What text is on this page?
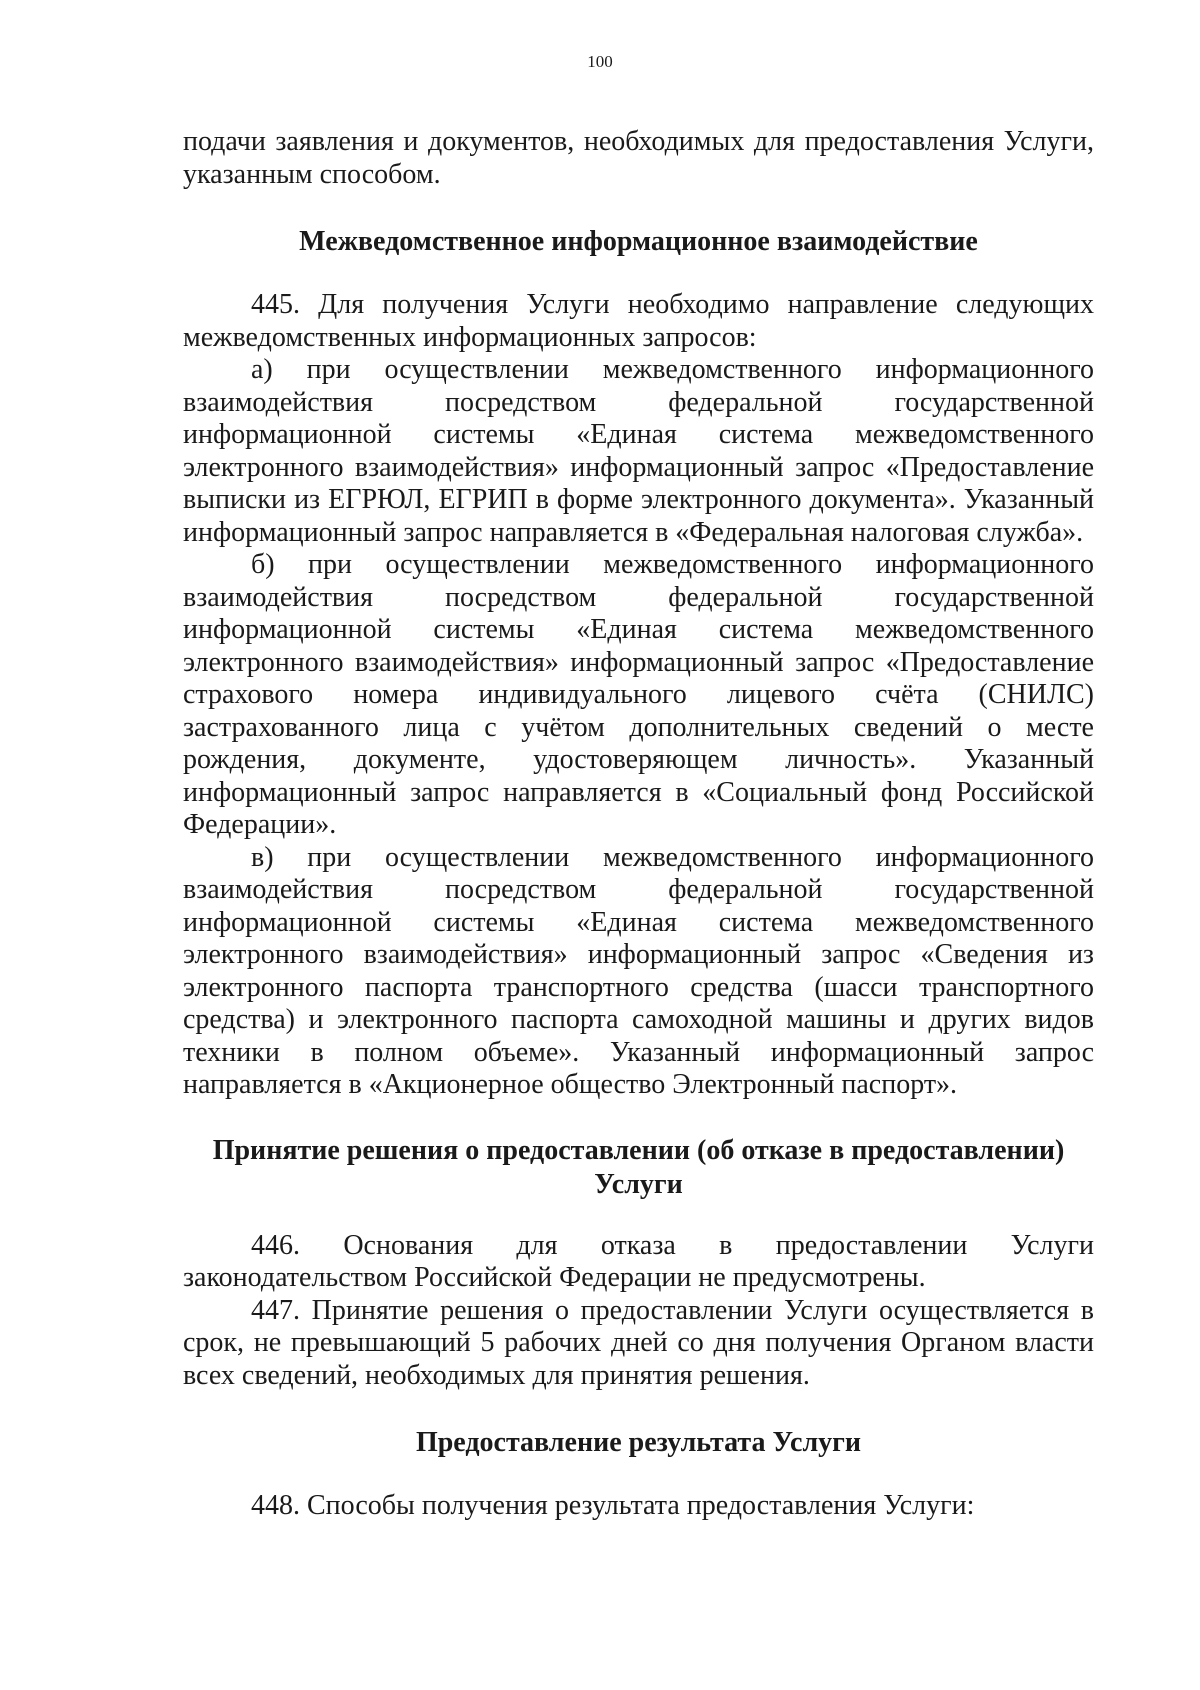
100

подачи заявления и документов, необходимых для предоставления Услуги, указанным способом.

Межведомственное информационное взаимодействие

445. Для получения Услуги необходимо направление следующих межведомственных информационных запросов:

а) при осуществлении межведомственного информационного взаимодействия посредством федеральной государственной информационной системы «Единая система межведомственного электронного взаимодействия» информационный запрос «Предоставление выписки из ЕГРЮЛ, ЕГРИП в форме электронного документа». Указанный информационный запрос направляется в «Федеральная налоговая служба».

б) при осуществлении межведомственного информационного взаимодействия посредством федеральной государственной информационной системы «Единая система межведомственного электронного взаимодействия» информационный запрос «Предоставление страхового номера индивидуального лицевого счёта (СНИЛС) застрахованного лица с учётом дополнительных сведений о месте рождения, документе, удостоверяющем личность». Указанный информационный запрос направляется в «Социальный фонд Российской Федерации».

в) при осуществлении межведомственного информационного взаимодействия посредством федеральной государственной информационной системы «Единая система межведомственного электронного взаимодействия» информационный запрос «Сведения из электронного паспорта транспортного средства (шасси транспортного средства) и электронного паспорта самоходной машины и других видов техники в полном объеме». Указанный информационный запрос направляется в «Акционерное общество Электронный паспорт».

Принятие решения о предоставлении (об отказе в предоставлении)
Услуги

446. Основания для отказа в предоставлении Услуги законодательством Российской Федерации не предусмотрены.

447. Принятие решения о предоставлении Услуги осуществляется в срок, не превышающий 5 рабочих дней со дня получения Органом власти всех сведений, необходимых для принятия решения.

Предоставление результата Услуги

448. Способы получения результата предоставления Услуги:
